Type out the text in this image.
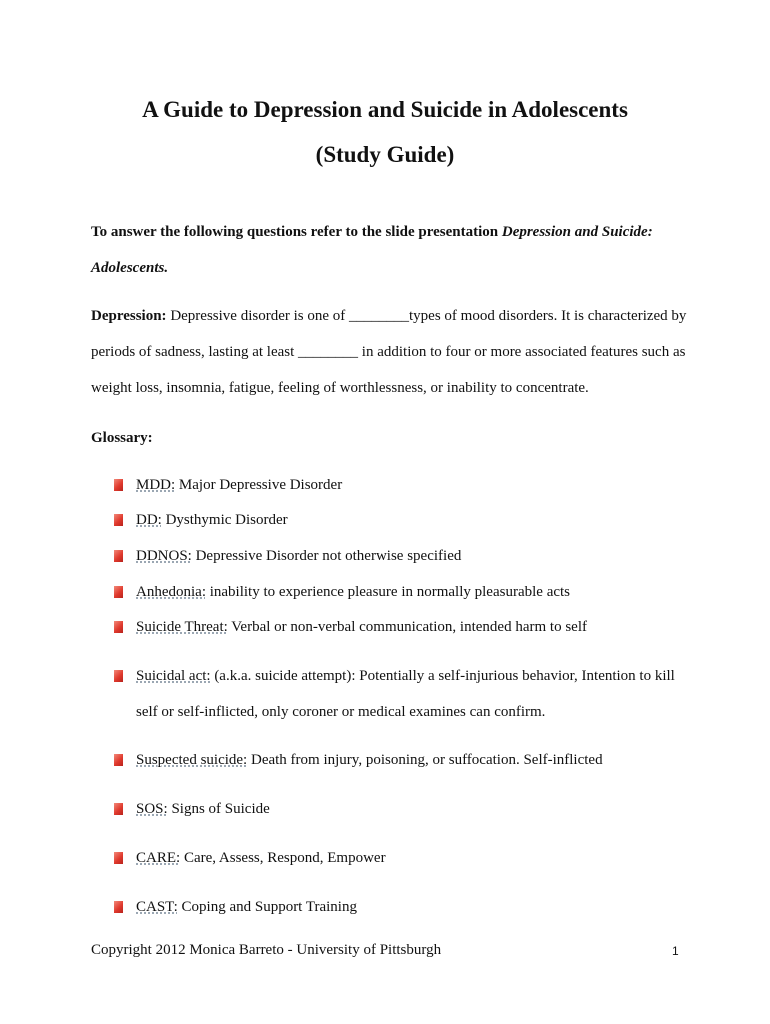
A Guide to Depression and Suicide in Adolescents
(Study Guide)

To answer the following questions refer to the slide presentation Depression and Suicide: Adolescents.

Depression: Depressive disorder is one of ________types of mood disorders. It is characterized by periods of sadness, lasting at least ________ in addition to four or more associated features such as weight loss, insomnia, fatigue, feeling of worthlessness, or inability to concentrate.

Glossary:

MDD: Major Depressive Disorder

DD: Dysthymic Disorder

DDNOS: Depressive Disorder not otherwise specified

Anhedonia: inability to experience pleasure in normally pleasurable acts

Suicide Threat: Verbal or non-verbal communication, intended harm to self

Suicidal act: (a.k.a. suicide attempt): Potentially a self-injurious behavior, Intention to kill self or self-inflicted, only coroner or medical examines can confirm.

Suspected suicide: Death from injury, poisoning, or suffocation. Self-inflicted

SOS: Signs of Suicide

CARE: Care, Assess, Respond, Empower

CAST: Coping and Support Training

Copyright 2012 Monica Barreto - University of Pittsburgh	1
